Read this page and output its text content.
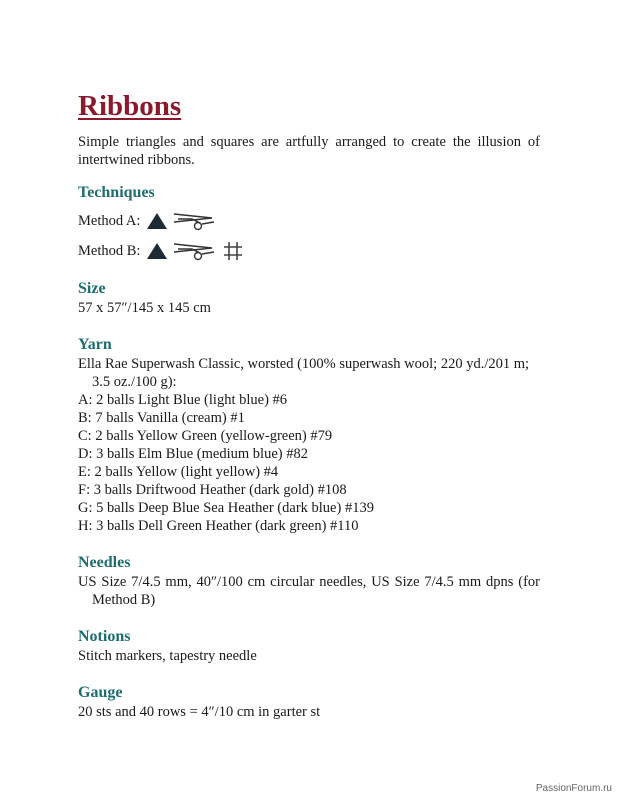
Ribbons

Simple triangles and squares are artfully arranged to create the illusion of intertwined ribbons.

Techniques
Method A:
Method B:
Size

57 x 57″/145 x 145 cm

Yarn

Ella Rae Superwash Classic, worsted (100% superwash wool; 220 yd./201 m; 3.5 oz./100 g):

A: 2 balls Light Blue (light blue) #6
B: 7 balls Vanilla (cream) #1
C: 2 balls Yellow Green (yellow-green) #79
D: 3 balls Elm Blue (medium blue) #82
E: 2 balls Yellow (light yellow) #4
F: 3 balls Driftwood Heather (dark gold) #108
G: 5 balls Deep Blue Sea Heather (dark blue) #139
H: 3 balls Dell Green Heather (dark green) #110
Needles

US Size 7/4.5 mm, 40″/100 cm circular needles, US Size 7/4.5 mm dpns (for Method B)

Notions

Stitch markers, tapestry needle

Gauge

20 sts and 40 rows = 4″/10 cm in garter st

PassionForum.ru
